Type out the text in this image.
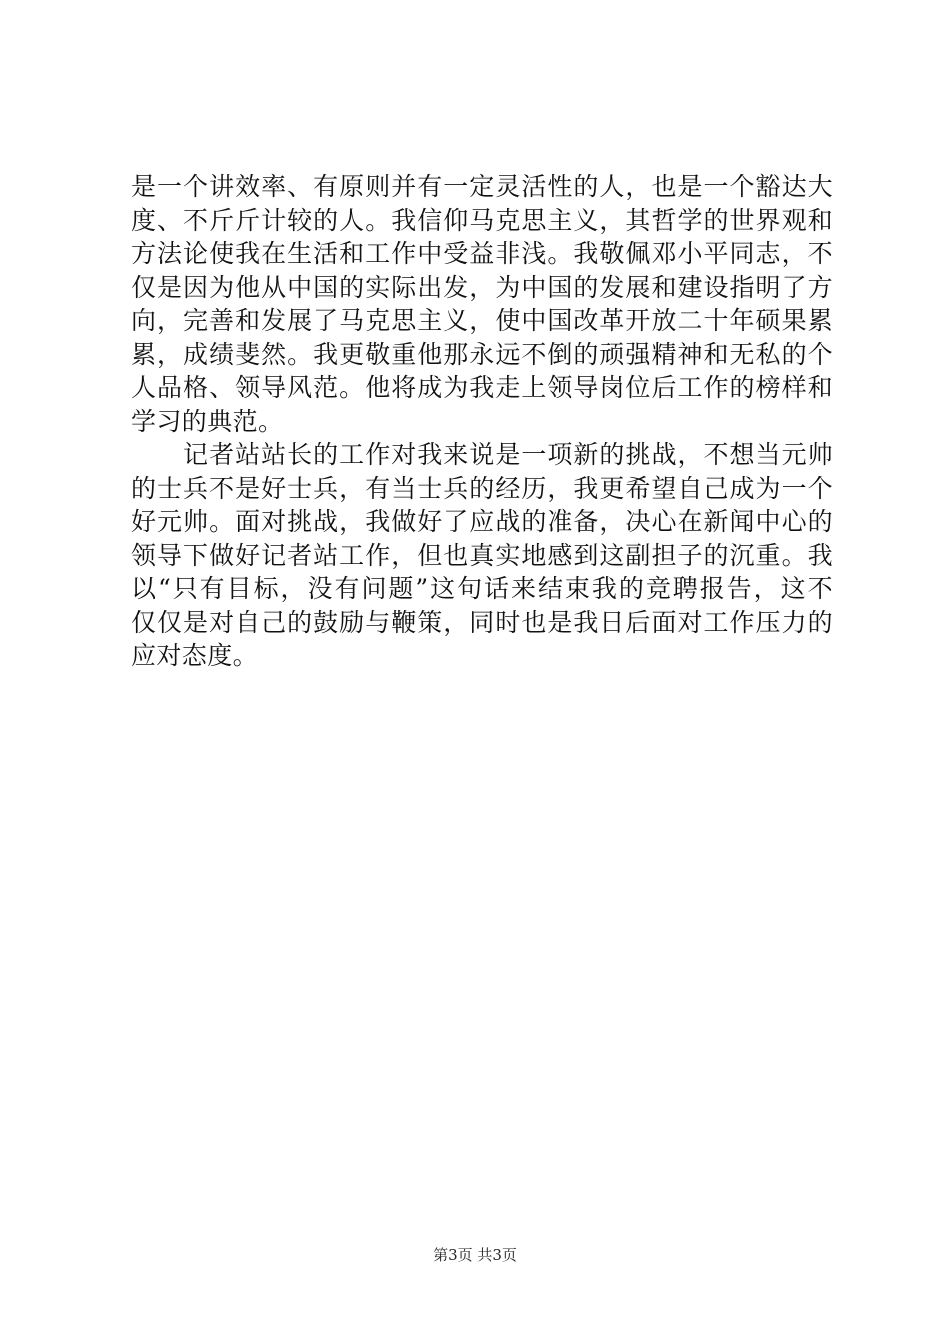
是一个讲效率、有原则并有一定灵活性的人，也是一个豁达大
度、不斤斤计较的人。我信仰马克思主义，其哲学的世界观和
方法论使我在生活和工作中受益非浅。我敬佩邓小平同志，不
仅是因为他从中国的实际出发，为中国的发展和建设指明了方
向，完善和发展了马克思主义，使中国改革开放二十年硕果累
累，成绩斐然。我更敬重他那永远不倒的顽强精神和无私的个
人品格、领导风范。他将成为我走上领导岗位后工作的榜样和
学习的典范。
　　记者站站长的工作对我来说是一项新的挑战，不想当元帅
的士兵不是好士兵，有当士兵的经历，我更希望自己成为一个
好元帅。面对挑战，我做好了应战的准备，决心在新闻中心的
领导下做好记者站工作，但也真实地感到这副担子的沉重。我
以“只有目标，没有问题”这句话来结束我的竞聘报告，这不
仅仅是对自己的鼓励与鞭策，同时也是我日后面对工作压力的
应对态度。
第3页 共3页
